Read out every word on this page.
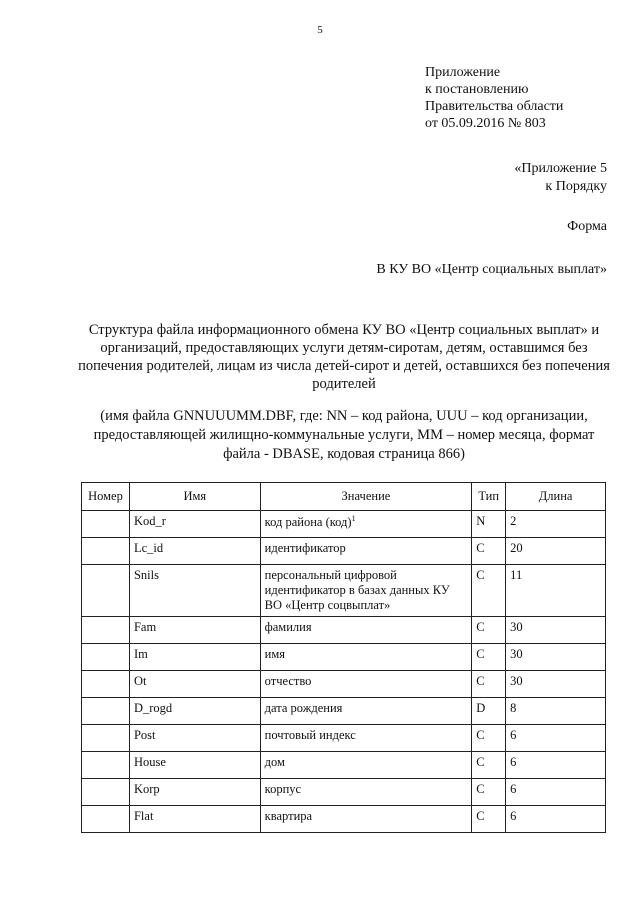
5
Приложение
к постановлению
Правительства области
от 05.09.2016 № 803
«Приложение 5
к Порядку
Форма
В КУ ВО «Центр социальных выплат»
Структура файла информационного обмена КУ ВО «Центр социальных выплат» и организаций, предоставляющих услуги детям-сиротам, детям, оставшимся без попечения родителей, лицам из числа детей-сирот и детей, оставшихся без попечения родителей
(имя файла GNNUUUMM.DBF, где: NN – код района, UUU – код организации, предоставляющей жилищно-коммунальные услуги, MM – номер месяца, формат файла - DBASE, кодовая страница 866)
Номер	Имя	Значение	Тип	Длина
	Kod_r	код района (код)$^1$	N	2
	Lc_id	идентификатор	C	20
	Snils	персональный цифровой идентификатор в базах данных КУ ВО «Центр соцвыплат»	C	11
	Fam	фамилия	C	30
	Im	имя	C	30
	Ot	отчество	C	30
	D_rogd	дата рождения	D	8
	Post	почтовый индекс	C	6
	House	дом	C	6
	Korp	корпус	C	6
	Flat	квартира	C	6
